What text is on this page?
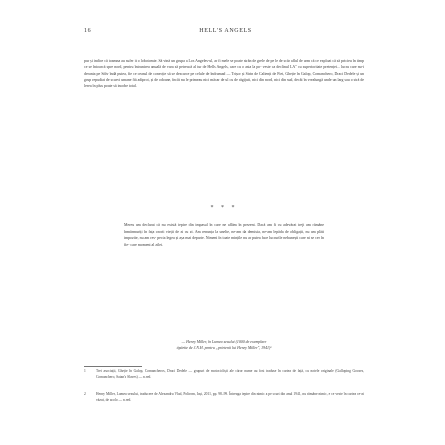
16	HELL'S ANGELS

pur și indice că toamna au sufer it o lobotomie. Să vină un grupa a Los Angeles-ul, ar fi mele se poate strân de grele de pe le de scăr aflul de urm că ce exploat că să pricieu în timp ce se întoarcă spre nord, pentru întrunirea anuală de vara să petreacă al tur de Hells Angels, care cu o asta la po- veste ca declinul LA" cu superioritate pretenței... lucru care nu-i derania pe Sdiv îndă putea, fie ce ceasul de conecție să se descarce pe celule de îndrumad — Trișor și Sirin de Calienți de Fiei, Gheție în Galop, Comanchero, Draci Dedele și un grup repudiat de scurvi umane fiă adiprot, și de odoane, încât nu le primeau nici măcar de ul cu de răgijuti, nici din nord, nici din sud, decât în vrealungă unde un larg sau o stră de lerea în plus poate să incobe total.

* * *

Mereu am declarat că nu există iepire din impasul în care ne aflăm în prezent. Dacă am fi cu adevărat treji am rămâne înmărmuriți în fața ororii vieții de zi cu zi. Am renunța la unelte, ne-am da demisia, ne-am lepăda de obligații, nu am plăti impozite, nu am res- pecta legea și așa mai departe. Nimeni în toate mințile nu ar putea face lucrurile nebunești care ni se cer în fie- care moment al zilei.

— Henry Miller, în Lumea sexului (1000 de exemplare
tipărite de J.N.H. pentru „prietenii lui Henry Miller", 1941)²
1	Trei asociații, Gheție în Galop, Comancheros, Draci Dedele — grupuri de motocicliști ale căror nume au fost traduse în cartea de față, cu notele originale (Galloping Gooses, Comanchero, Satan's Slaves) — n.red.
2	Henry Miller, Lumea sexului, traducere de Alexandru Vlad, Polirom, Iași, 2011, pp. 98–99. Întreaga iepire din nimic a pe scurt din anul 1941, nu rămâne nimic, e ce veste în cartea ce-ai văzut, de acolo — n.red.
